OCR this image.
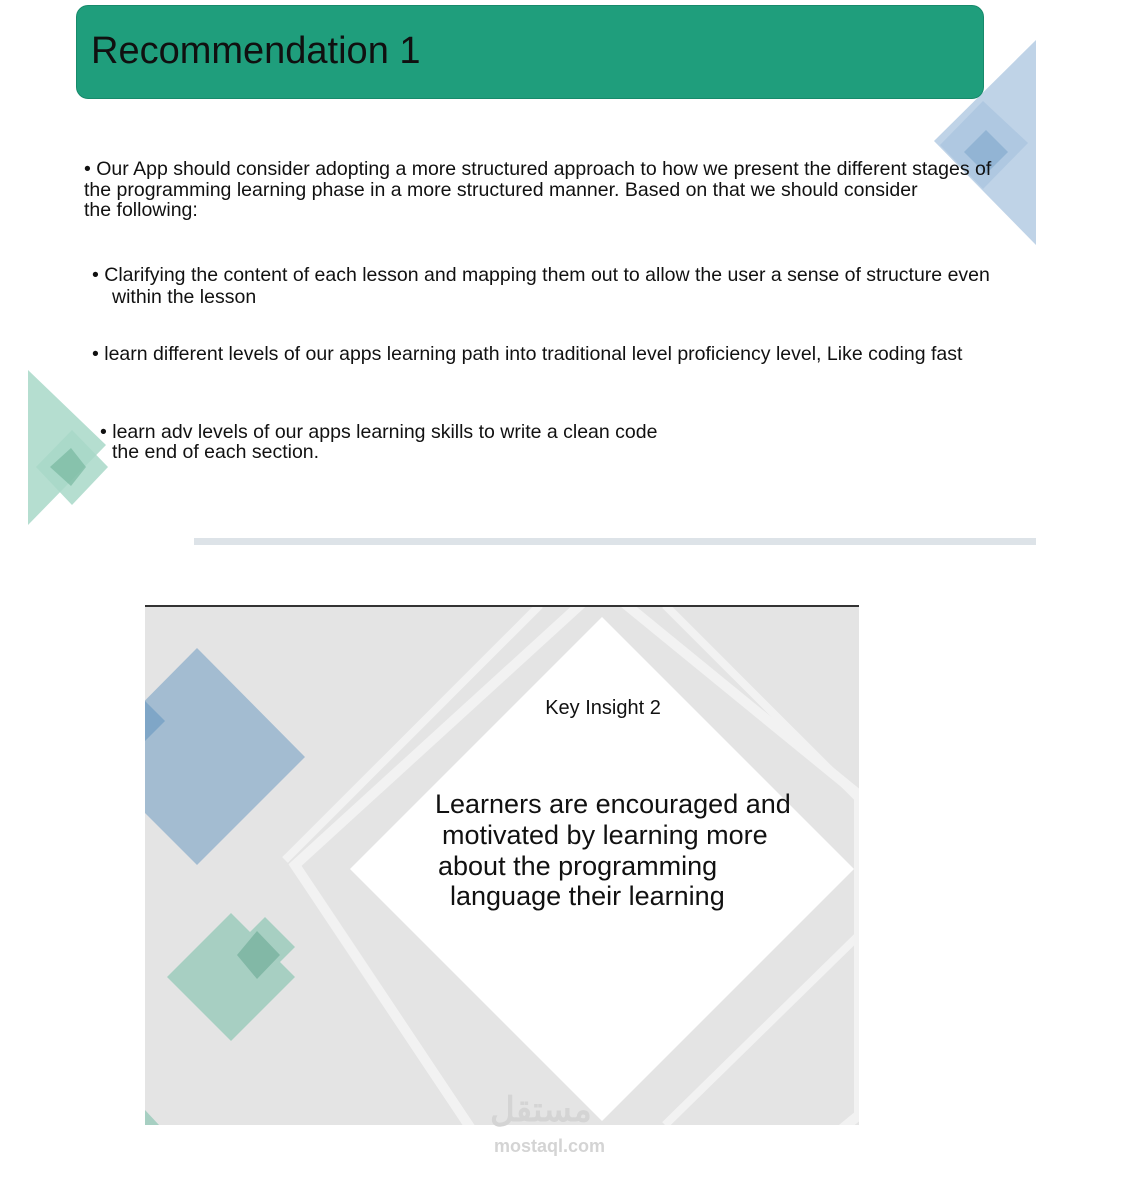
Recommendation 1
• Our App should consider adopting a more structured approach to how we present the different stages of
the programming learning phase in a more structured manner. Based on that we should consider
the following:
• Clarifying the content of each lesson and mapping them out to allow the user a sense of structure even
within the lesson
• learn different levels of our apps learning path into traditional level proficiency level, Like coding fast
• learn adv levels of our apps learning skills to write a clean code
the end of each section.
Key Insight 2
Learners are encouraged and
motivated by learning more
about the programming
language their learning
مستقل
mostaql.com
